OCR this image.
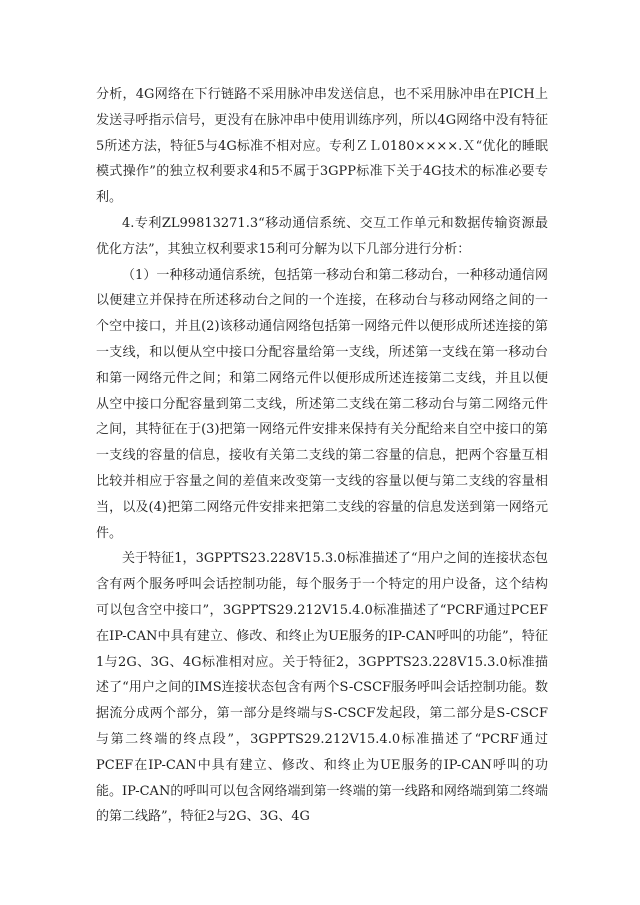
分析，4G网络在下行链路不采用脉冲串发送信息，也不采用脉冲串在PICH上发送寻呼指示信号，更没有在脉冲串中使用训练序列，所以4G网络中没有特征5所述方法，特征5与4G标准不相对应。专利ＺＬ0180××××.Ｘ“优化的睡眠模式操作”的独立权利要求4和5不属于3GPP标准下关于4G技术的标准必要专利。

4.专利ZL99813271.3“移动通信系统、交互工作单元和数据传输资源最优化方法”，其独立权利要求15利可分解为以下几部分进行分析：

（1）一种移动通信系统，包括第一移动台和第二移动台，一种移动通信网以便建立并保持在所述移动台之间的一个连接，在移动台与移动网络之间的一个空中接口，并且(2)该移动通信网络包括第一网络元件以便形成所述连接的第一支线，和以便从空中接口分配容量给第一支线，所述第一支线在第一移动台和第一网络元件之间；和第二网络元件以便形成所述连接第二支线，并且以便从空中接口分配容量到第二支线，所述第二支线在第二移动台与第二网络元件之间，其特征在于(3)把第一网络元件安排来保持有关分配给来自空中接口的第一支线的容量的信息，接收有关第二支线的第二容量的信息，把两个容量互相比较并相应于容量之间的差值来改变第一支线的容量以便与第二支线的容量相当，以及(4)把第二网络元件安排来把第二支线的容量的信息发送到第一网络元件。

关于特征1，3GPPTS23.228V15.3.0标准描述了“用户之间的连接状态包含有两个服务呼叫会话控制功能，每个服务于一个特定的用户设备，这个结构可以包含空中接口”，3GPPTS29.212V15.4.0标准描述了“PCRF通过PCEF在IP-CAN中具有建立、修改、和终止为UE服务的IP-CAN呼叫的功能”，特征1与2G、3G、4G标准相对应。关于特征2，3GPPTS23.228V15.3.0标准描述了“用户之间的IMS连接状态包含有两个S-CSCF服务呼叫会话控制功能。数据流分成两个部分，第一部分是终端与S-CSCF发起段，第二部分是S-CSCF与第二终端的终点段”，3GPPTS29.212V15.4.0标准描述了“PCRF通过PCEF在IP-CAN中具有建立、修改、和终止为UE服务的IP-CAN呼叫的功能。IP-CAN的呼叫可以包含网络端到第一终端的第一线路和网络端到第二终端的第二线路”，特征2与2G、3G、4G
